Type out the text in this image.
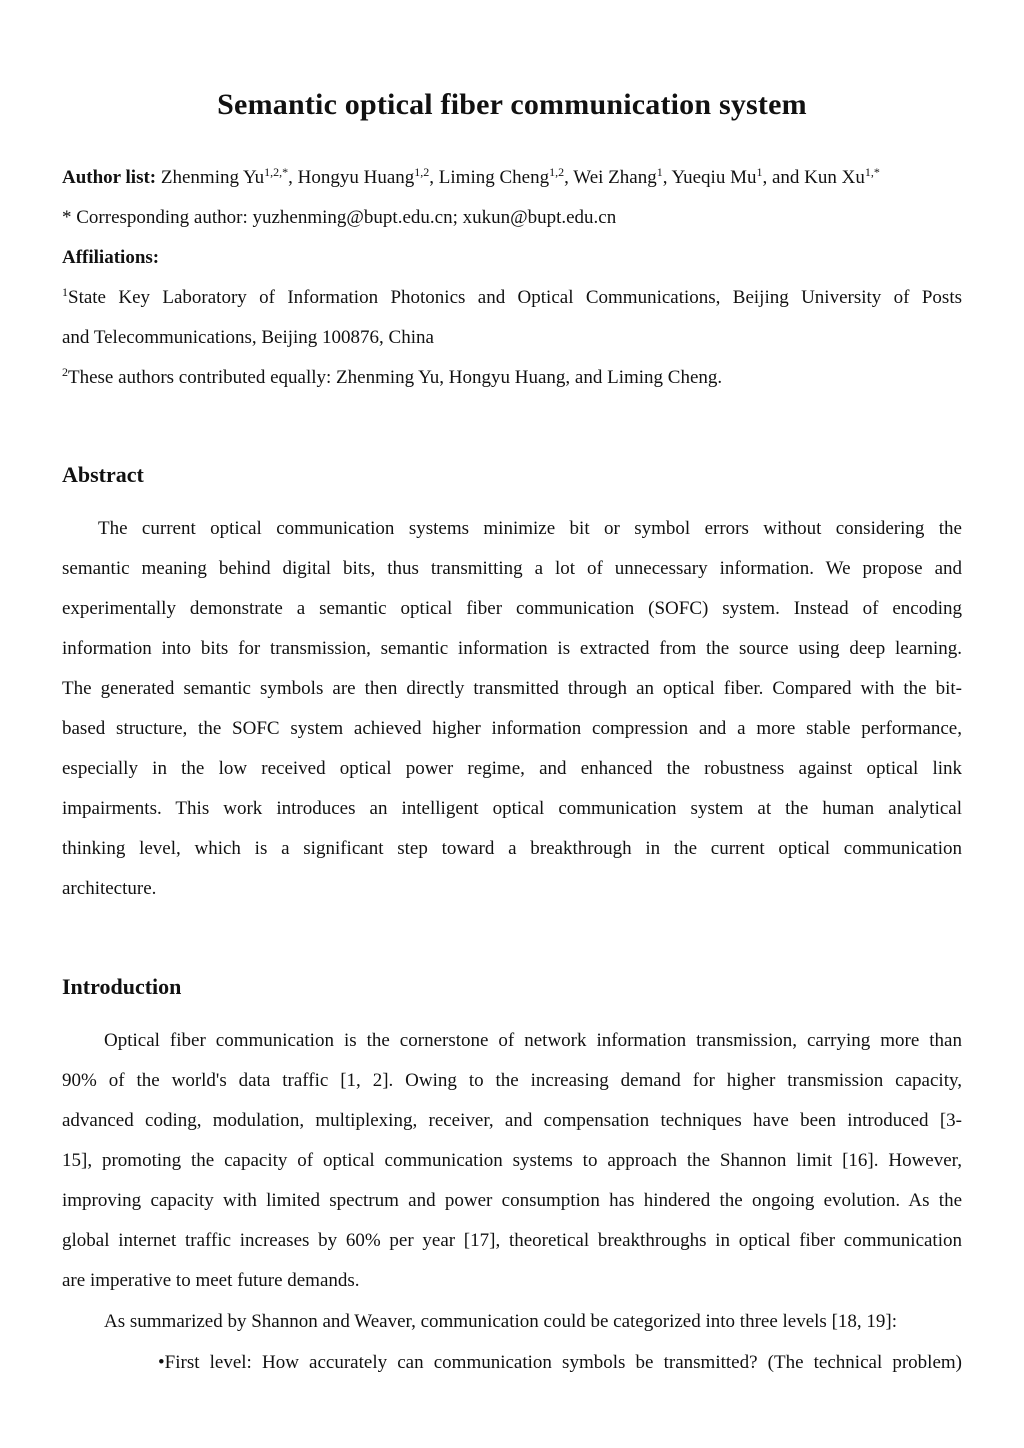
Semantic optical fiber communication system
Author list: Zhenming $Yu^{1,2,*}$, Hongyu Huang$^{1,2}$, Liming Cheng$^{1,2}$, Wei Zhang$^1$, Yueqiu Mu$^1$, and Kun $Xu^{1,*}$
* Corresponding author: yuzhenming@bupt.edu.cn; xukun@bupt.edu.cn
Affiliations:
$^1$State Key Laboratory of Information Photonics and Optical Communications, Beijing University of Posts
and Telecommunications, Beijing 100876, China
$^2$These authors contributed equally: Zhenming Yu, Hongyu Huang, and Liming Cheng.
Abstract
The current optical communication systems minimize bit or symbol errors without considering the
semantic meaning behind digital bits, thus transmitting a lot of unnecessary information. We propose and
experimentally demonstrate a semantic optical fiber communication (SOFC) system. Instead of encoding
information into bits for transmission, semantic information is extracted from the source using deep learning.
The generated semantic symbols are then directly transmitted through an optical fiber. Compared with the bit-
based structure, the SOFC system achieved higher information compression and a more stable performance,
especially in the low received optical power regime, and enhanced the robustness against optical link
impairments. This work introduces an intelligent optical communication system at the human analytical
thinking level, which is a significant step toward a breakthrough in the current optical communication
architecture.
Introduction
Optical fiber communication is the cornerstone of network information transmission, carrying more than
90% of the world's data traffic [1, 2]. Owing to the increasing demand for higher transmission capacity,
advanced coding, modulation, multiplexing, receiver, and compensation techniques have been introduced [3-
15], promoting the capacity of optical communication systems to approach the Shannon limit [16]. However,
improving capacity with limited spectrum and power consumption has hindered the ongoing evolution. As the
global internet traffic increases by 60% per year [17], theoretical breakthroughs in optical fiber communication
are imperative to meet future demands.
As summarized by Shannon and Weaver, communication could be categorized into three levels [18, 19]:
•First level: How accurately can communication symbols be transmitted? (The technical problem)
